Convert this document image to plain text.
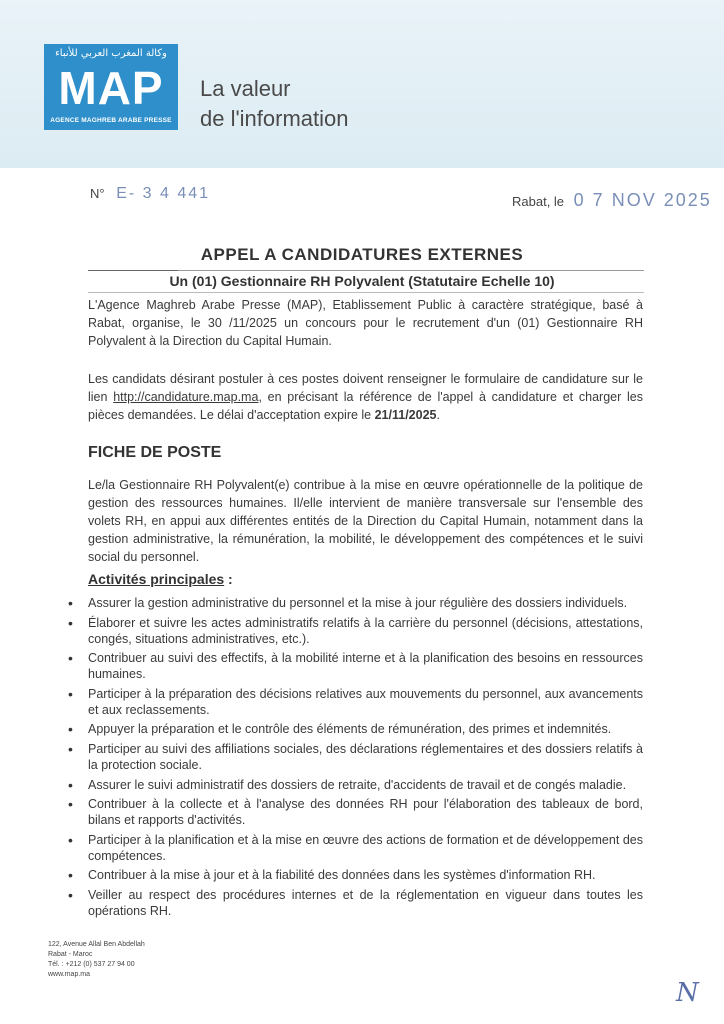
وكالة المغرب العربي للأنباء
MAP
AGENCE MAGHREB ARABE PRESSE
La valeur
de l'information
N° E- 3 4 441	Rabat, le 0 7 NOV 2025
APPEL A CANDIDATURES EXTERNES
Un (01) Gestionnaire RH Polyvalent (Statutaire Echelle 10)

L'Agence Maghreb Arabe Presse (MAP), Etablissement Public à caractère stratégique, basé à Rabat, organise, le 30 /11/2025 un concours pour le recrutement d'un (01) Gestionnaire RH Polyvalent à la Direction du Capital Humain.

Les candidats désirant postuler à ces postes doivent renseigner le formulaire de candidature sur le lien http://candidature.map.ma, en précisant la référence de l'appel à candidature et charger les pièces demandées. Le délai d'acceptation expire le 21/11/2025.

FICHE DE POSTE

Le/la Gestionnaire RH Polyvalent(e) contribue à la mise en œuvre opérationnelle de la politique de gestion des ressources humaines. Il/elle intervient de manière transversale sur l'ensemble des volets RH, en appui aux différentes entités de la Direction du Capital Humain, notamment dans la gestion administrative, la rémunération, la mobilité, le développement des compétences et le suivi social du personnel.

Activités principales :
• Assurer la gestion administrative du personnel et la mise à jour régulière des dossiers individuels.
• Élaborer et suivre les actes administratifs relatifs à la carrière du personnel (décisions, attestations, congés, situations administratives, etc.).
• Contribuer au suivi des effectifs, à la mobilité interne et à la planification des besoins en ressources humaines.
• Participer à la préparation des décisions relatives aux mouvements du personnel, aux avancements et aux reclassements.
• Appuyer la préparation et le contrôle des éléments de rémunération, des primes et indemnités.
• Participer au suivi des affiliations sociales, des déclarations réglementaires et des dossiers relatifs à la protection sociale.
• Assurer le suivi administratif des dossiers de retraite, d'accidents de travail et de congés maladie.
• Contribuer à la collecte et à l'analyse des données RH pour l'élaboration des tableaux de bord, bilans et rapports d'activités.
• Participer à la planification et à la mise en œuvre des actions de formation et de développement des compétences.
• Contribuer à la mise à jour et à la fiabilité des données dans les systèmes d'information RH.
• Veiller au respect des procédures internes et de la réglementation en vigueur dans toutes les opérations RH.
122, Avenue Allal Ben Abdellah
Rabat - Maroc
Tél. : +212 (0) 537 27 94 00
www.map.ma
N
